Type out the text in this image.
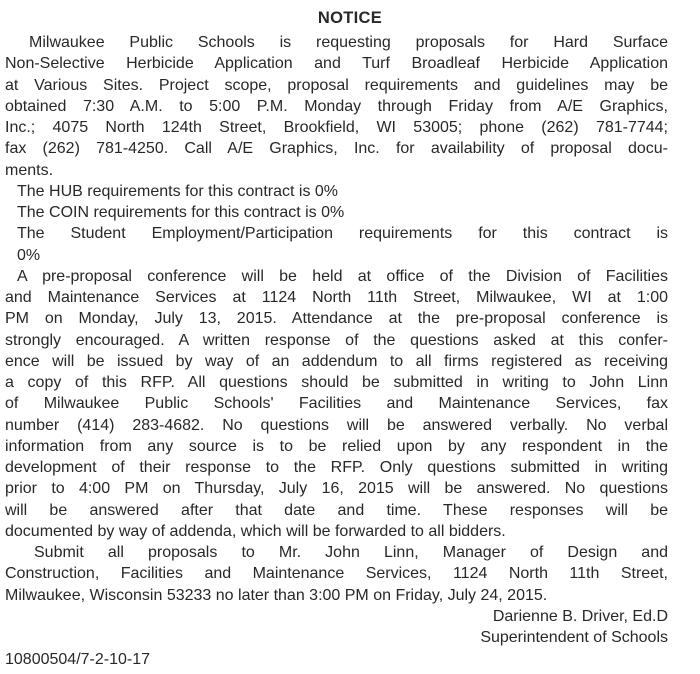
NOTICE
Milwaukee Public Schools is requesting proposals for Hard Surface
Non-Selective Herbicide Application and Turf Broadleaf Herbicide Application
at Various Sites. Project scope, proposal requirements and guidelines may be
obtained 7:30 A.M. to 5:00 P.M. Monday through Friday from A/E Graphics,
Inc.; 4075 North 124th Street, Brookfield, WI 53005; phone (262) 781-7744;
fax (262) 781-4250. Call A/E Graphics, Inc. for availability of proposal docu-
ments.
The HUB requirements for this contract is 0%
The COIN requirements for this contract is 0%
The Student Employment/Participation requirements for this contract is
0%
A pre-proposal conference will be held at office of the Division of Facilities
and Maintenance Services at 1124 North 11th Street, Milwaukee, WI at 1:00
PM on Monday, July 13, 2015. Attendance at the pre-proposal conference is
strongly encouraged. A written response of the questions asked at this confer-
ence will be issued by way of an addendum to all firms registered as receiving
a copy of this RFP. All questions should be submitted in writing to John Linn
of Milwaukee Public Schools' Facilities and Maintenance Services, fax
number (414) 283-4682. No questions will be answered verbally. No verbal
information from any source is to be relied upon by any respondent in the
development of their response to the RFP. Only questions submitted in writing
prior to 4:00 PM on Thursday, July 16, 2015 will be answered. No questions
will be answered after that date and time. These responses will be
documented by way of addenda, which will be forwarded to all bidders.
Submit all proposals to Mr. John Linn, Manager of Design and
Construction, Facilities and Maintenance Services, 1124 North 11th Street,
Milwaukee, Wisconsin 53233 no later than 3:00 PM on Friday, July 24, 2015.
Darienne B. Driver, Ed.D
Superintendent of Schools
10800504/7-2-10-17
